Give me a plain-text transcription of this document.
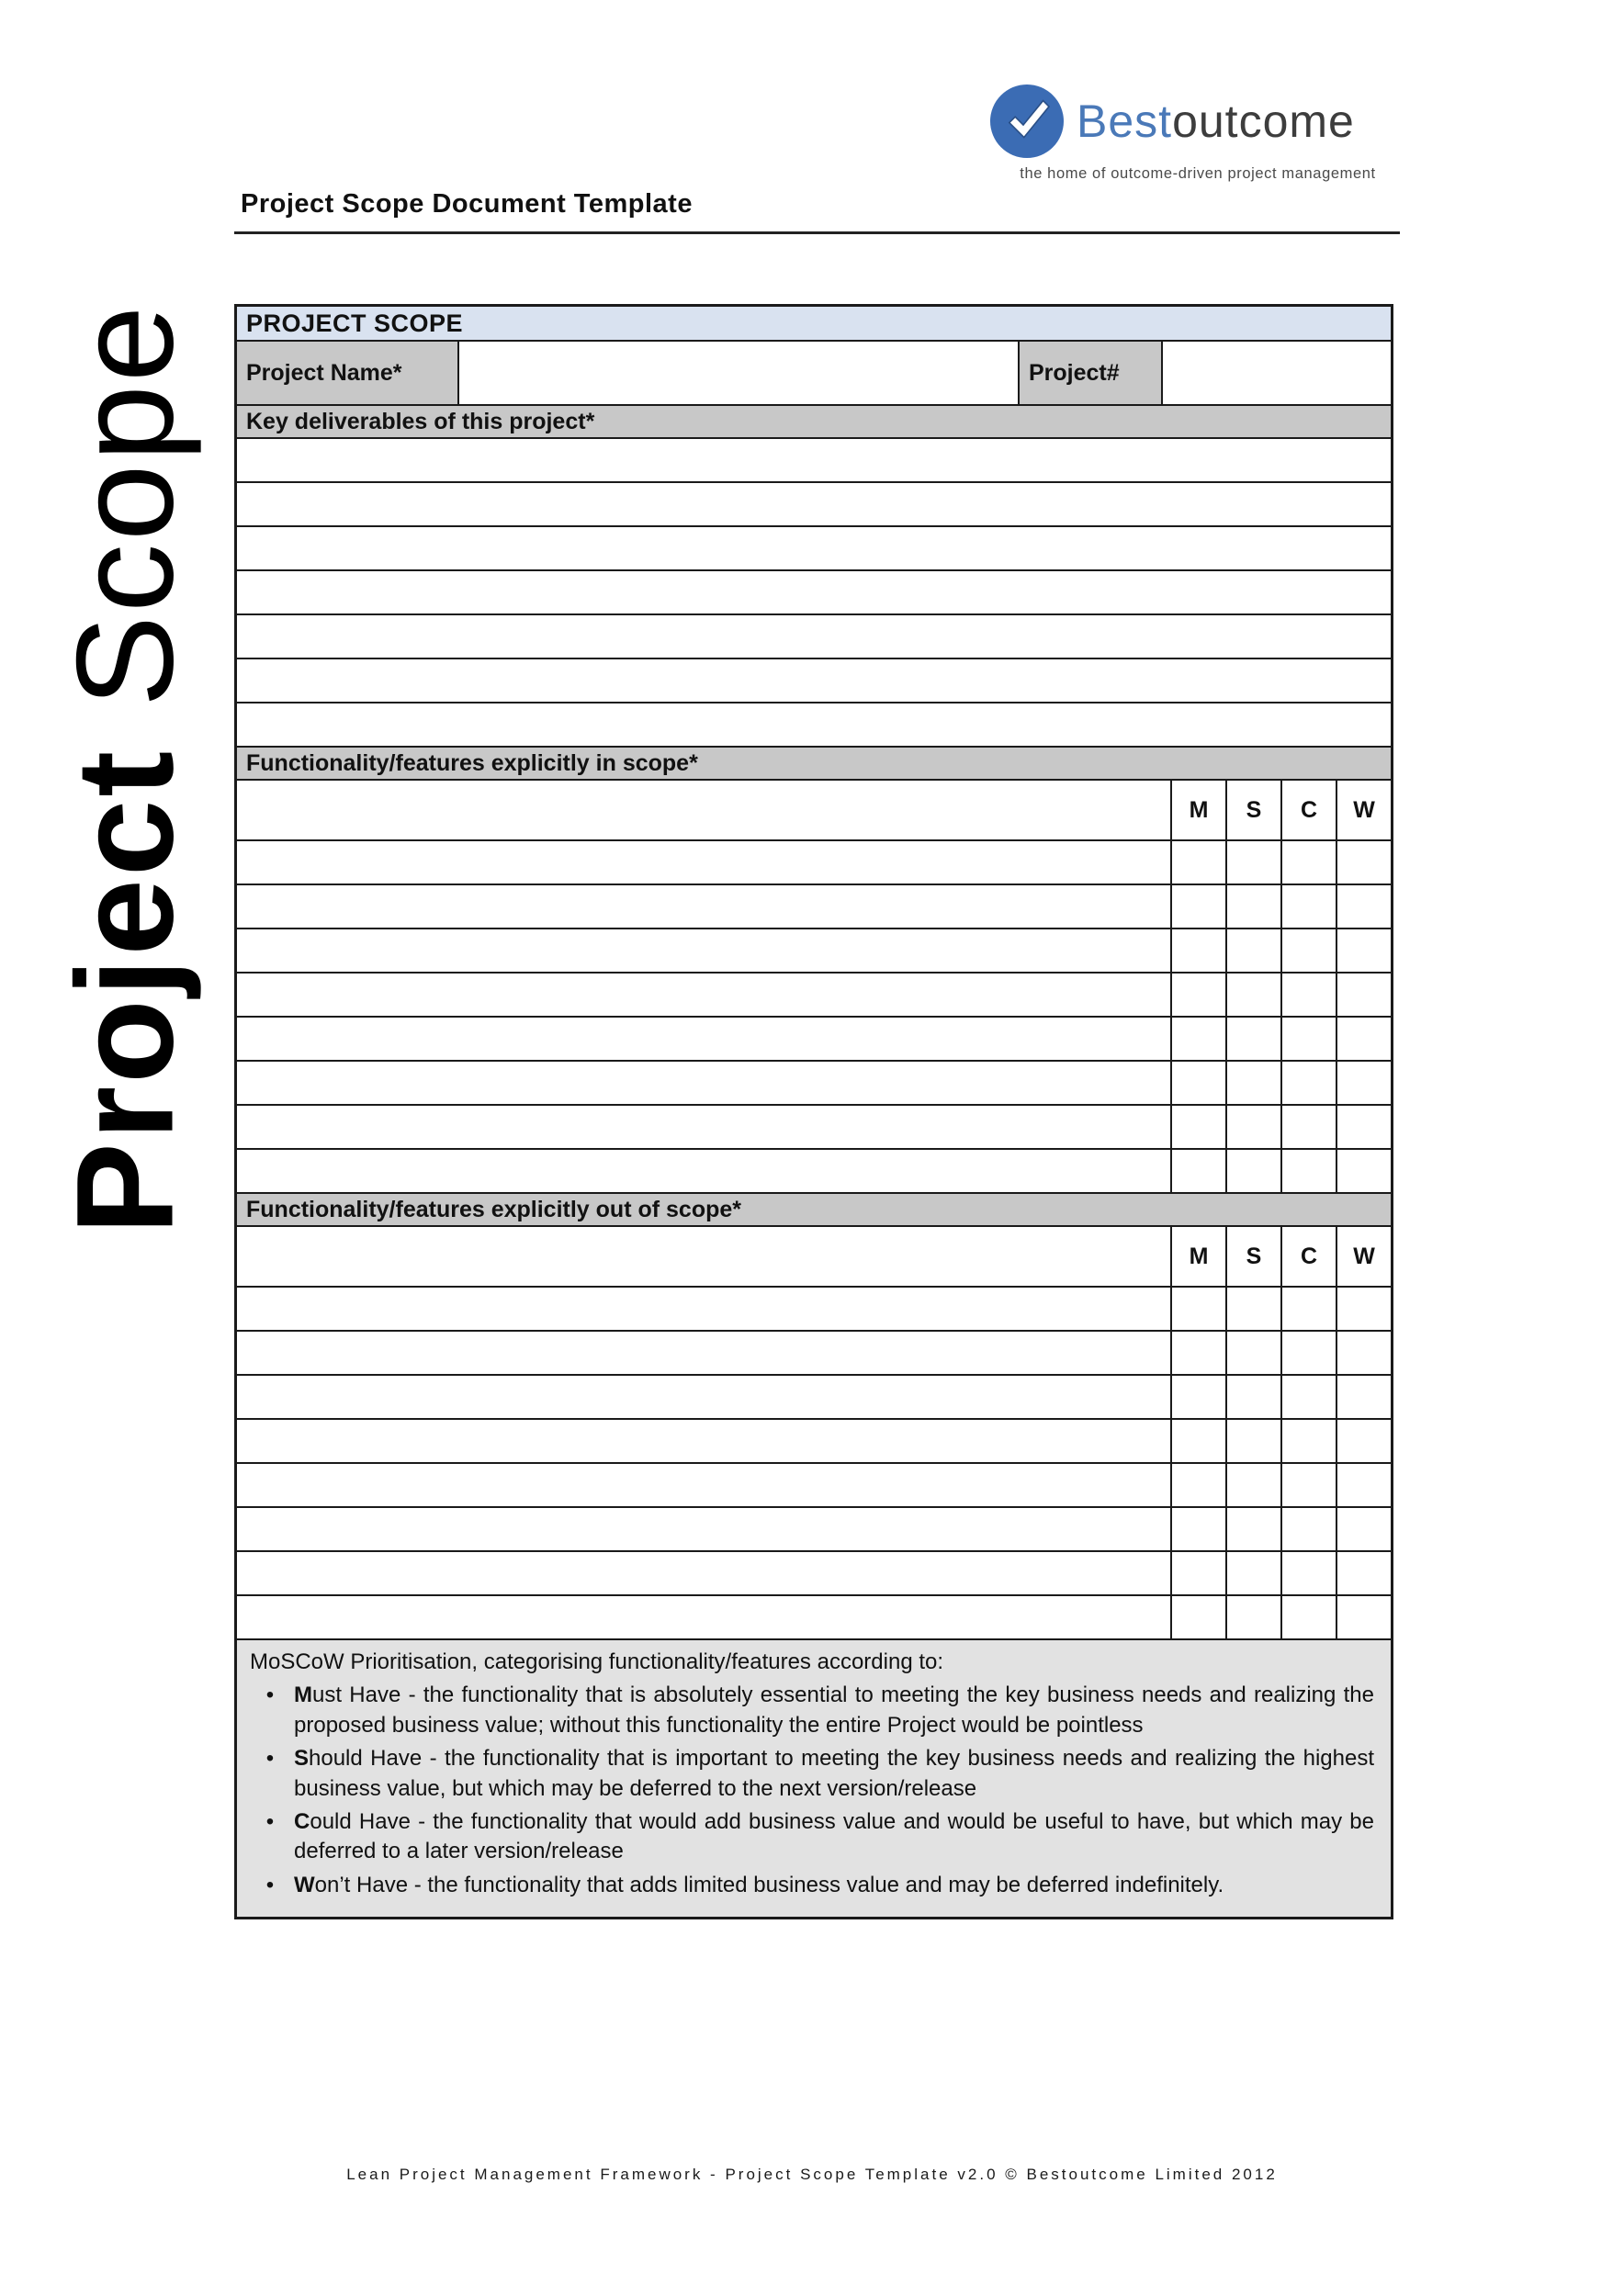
Bestoutcome
the home of outcome-driven project management
Project Scope Document Template
Project Scope	PROJECT SCOPE
Project Name*	Project#
Key deliverables of this project*
Functionality/features explicitly in scope*
M	S	C	W
Functionality/features explicitly out of scope*
M	S	C	W
MoSCoW Prioritisation, categorising functionality/features according to:
• Must Have - the functionality that is absolutely essential to meeting the key business needs and realizing the proposed business value; without this functionality the entire Project would be pointless
• Should Have - the functionality that is important to meeting the key business needs and realizing the highest business value, but which may be deferred to the next version/release
• Could Have - the functionality that would add business value and would be useful to have, but which may be deferred to a later version/release
• Won’t Have - the functionality that adds limited business value and may be deferred indefinitely.
Lean Project Management Framework - Project Scope Template v2.0 © Bestoutcome Limited 2012
